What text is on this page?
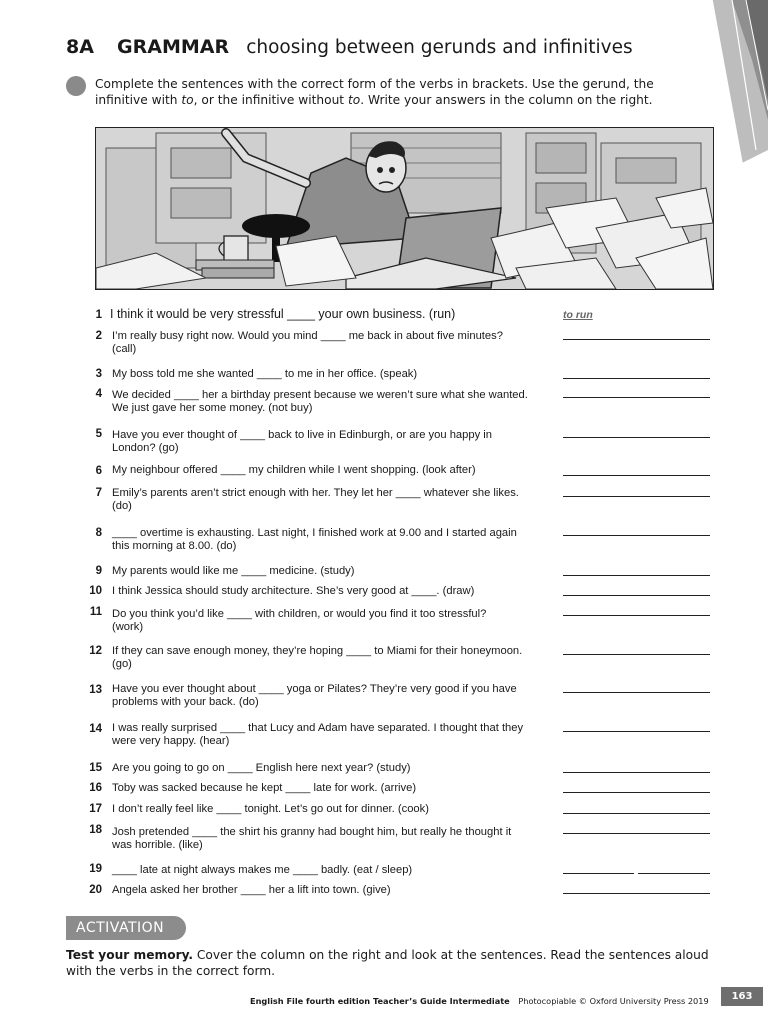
8A GRAMMAR choosing between gerunds and infinitives
Complete the sentences with the correct form of the verbs in brackets. Use the gerund, the
infinitive with to, or the infinitive without to. Write your answers in the column on the right.
to run
1 I think it would be very stressful ____ your own business. (run)
2 I’m really busy right now. Would you mind ____ me back in about five minutes?
(call)
3 My boss told me she wanted ____ to me in her office. (speak)
4 We decided ____ her a birthday present because we weren’t sure what she wanted.
We just gave her some money. (not buy)
5 Have you ever thought of ____ back to live in Edinburgh, or are you happy in
London? (go)
6 My neighbour offered ____ my children while I went shopping. (look after)
7 Emily’s parents aren’t strict enough with her. They let her ____ whatever she likes.
(do)
8 ____ overtime is exhausting. Last night, I finished work at 9.00 and I started again
this morning at 8.00. (do)
9 My parents would like me ____ medicine. (study)
10 I think Jessica should study architecture. She’s very good at ____. (draw)
11 Do you think you’d like ____ with children, or would you find it too stressful?
(work)
12 If they can save enough money, they’re hoping ____ to Miami for their honeymoon.
(go)
13 Have you ever thought about ____ yoga or Pilates? They’re very good if you have
problems with your back. (do)
14 I was really surprised ____ that Lucy and Adam have separated. I thought that they
were very happy. (hear)
15 Are you going to go on ____ English here next year? (study)
16 Toby was sacked because he kept ____ late for work. (arrive)
17 I don’t really feel like ____ tonight. Let’s go out for dinner. (cook)
18 Josh pretended ____ the shirt his granny had bought him, but really he thought it
was horrible. (like)
19 ____ late at night always makes me ____ badly. (eat / sleep)
20 Angela asked her brother ____ her a lift into town. (give)
ACTIVATION
Test your memory. Cover the column on the right and look at the sentences. Read the sentences aloud
with the verbs in the correct form.
English File fourth edition Teacher’s Guide Intermediate Photocopiable © Oxford University Press 2019	163
